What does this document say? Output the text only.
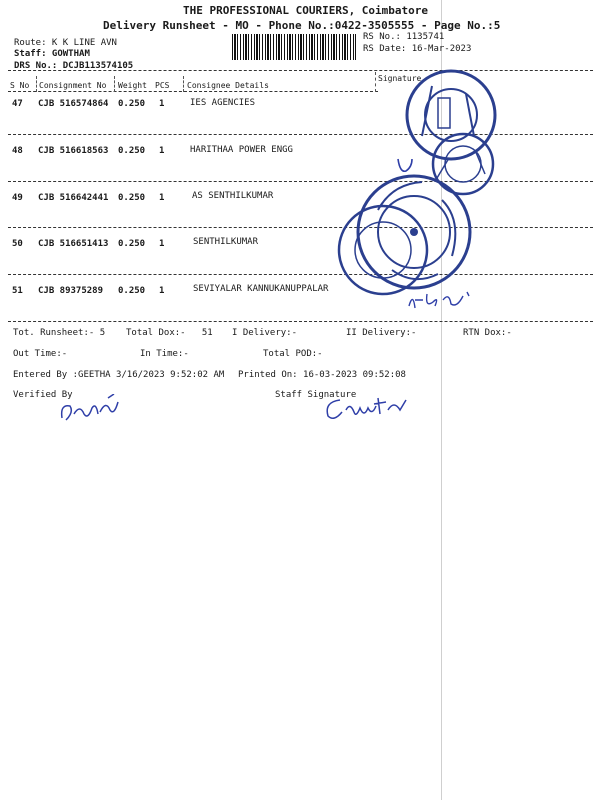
THE PROFESSIONAL COURIERS, Coimbatore
Delivery Runsheet - MO - Phone No.:0422-3505555 - Page No.:5
Route: K K LINE AVN
Staff: GOWTHAM
DRS No.: DCJB113574105
RS No.: 1135741
RS Date: 16-Mar-2023
S No Consignment No Weight PCS Consignee Details
Signature
47 CJB 516574864 0.250 1	IES AGENCIES
48 CJB 516618563 0.250 1	HARITHAA POWER ENGG
49 CJB 516642441 0.250 1	AS SENTHILKUMAR
50 CJB 516651413 0.250 1	SENTHILKUMAR
51 CJB 89375289 0.250 1	SEVIYALAR KANNUKANUPPALAR
Tot. Runsheet:- 5 Total Dox:-   51 I Delivery:-	II Delivery:-	RTN Dox:-
Out Time:-	In Time:-	Total POD:-
Entered By :GEETHA 3/16/2023 9:52:02 AM Printed On: 16-03-2023 09:52:08
Verified By	Staff Signature
